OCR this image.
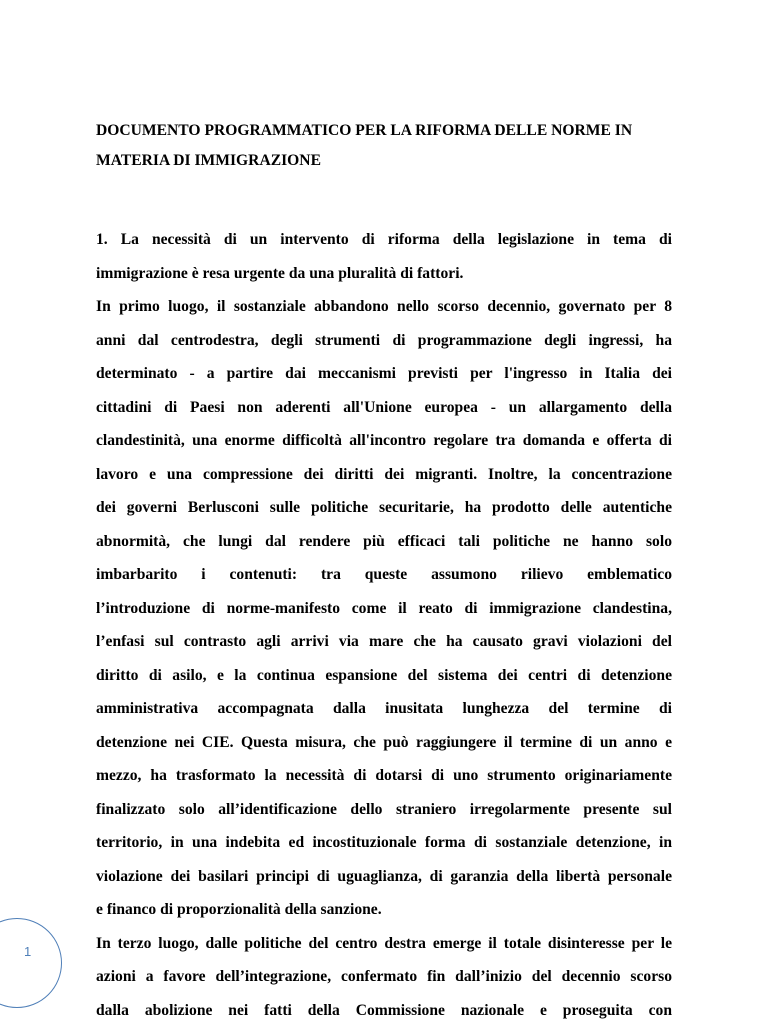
DOCUMENTO PROGRAMMATICO PER LA RIFORMA DELLE NORME IN
MATERIA DI IMMIGRAZIONE
1. La necessità di un intervento di riforma della legislazione in tema di
immigrazione è resa urgente da una pluralità di fattori.
In primo luogo, il sostanziale abbandono nello scorso decennio, governato per 8
anni dal centrodestra, degli strumenti di programmazione degli ingressi, ha
determinato - a partire dai meccanismi previsti per l'ingresso in Italia dei
cittadini di Paesi non aderenti all'Unione europea - un allargamento della
clandestinità, una enorme difficoltà all'incontro regolare tra domanda e offerta di
lavoro e una compressione dei diritti dei migranti. Inoltre, la concentrazione
dei governi Berlusconi sulle politiche securitarie, ha prodotto delle autentiche
abnormità, che lungi dal rendere più efficaci tali politiche ne hanno solo
imbarbarito i contenuti: tra queste assumono rilievo emblematico
l’introduzione di norme-manifesto come il reato di immigrazione clandestina,
l’enfasi sul contrasto agli arrivi via mare che ha causato gravi violazioni del
diritto di asilo, e la continua espansione del sistema dei centri di detenzione
amministrativa accompagnata dalla inusitata lunghezza del termine di
detenzione nei CIE. Questa misura, che può raggiungere il termine di un anno e
mezzo, ha trasformato la necessità di dotarsi di uno strumento originariamente
finalizzato solo all’identificazione dello straniero irregolarmente presente sul
territorio, in una indebita ed incostituzionale forma di sostanziale detenzione, in
violazione dei basilari principi di uguaglianza, di garanzia della libertà personale
e financo di proporzionalità della sanzione.
In terzo luogo, dalle politiche del centro destra emerge il totale disinteresse per le
azioni a favore dell’integrazione, confermato fin dall’inizio del decennio scorso
dalla abolizione nei fatti della Commissione nazionale e proseguita con
1
